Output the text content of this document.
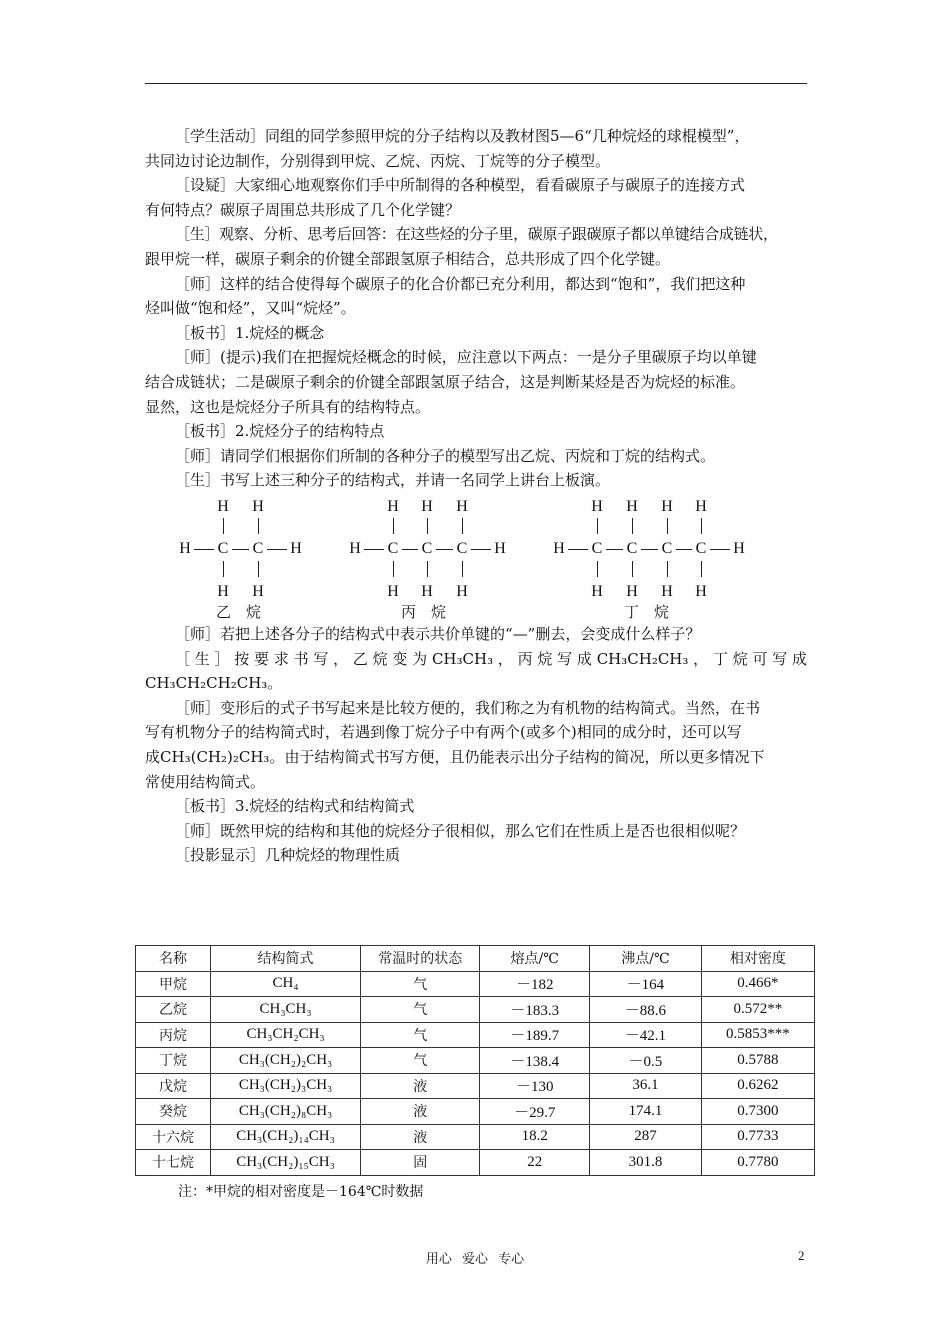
［学生活动］同组的同学参照甲烷的分子结构以及教材图5—6“几种烷烃的球棍模型”，

共同边讨论边制作，分别得到甲烷、乙烷、丙烷、丁烷等的分子模型。

［设疑］大家细心地观察你们手中所制得的各种模型，看看碳原子与碳原子的连接方式

有何特点？碳原子周围总共形成了几个化学键？

［生］观察、分析、思考后回答：在这些烃的分子里，碳原子跟碳原子都以单键结合成链状，

跟甲烷一样，碳原子剩余的价键全部跟氢原子相结合，总共形成了四个化学键。

［师］这样的结合使得每个碳原子的化合价都已充分利用，都达到“饱和”，我们把这种

烃叫做“饱和烃”，又叫“烷烃”。

［板书］1.烷烃的概念

［师］(提示)我们在把握烷烃概念的时候，应注意以下两点：一是分子里碳原子均以单键

结合成链状；二是碳原子剩余的价键全部跟氢原子结合，这是判断某烃是否为烷烃的标准。

显然，这也是烷烃分子所具有的结构特点。

［板书］2.烷烃分子的结构特点

［师］请同学们根据你们所制的各种分子的模型写出乙烷、丙烷和丁烷的结构式。

［生］书写上述三种分子的结构式，并请一名同学上讲台上板演。

H H
H C C H
H H
乙　烷
H H H
H C C C H
H H H
丙　烷
H H H H
H C C C C H
H H H H
丁　烷

［师］若把上述各分子的结构式中表示共价单键的“—”删去，会变成什么样子？

［生］按要求书写，乙烷变为CH₃CH₃，丙烷写成CH₃CH₂CH₃，丁烷可写成

CH₃CH₂CH₂CH₃。

［师］变形后的式子书写起来是比较方便的，我们称之为有机物的结构简式。当然，在书

写有机物分子的结构简式时，若遇到像丁烷分子中有两个(或多个)相同的成分时，还可以写

成CH₃(CH₂)₂CH₃。由于结构简式书写方便，且仍能表示出分子结构的简况，所以更多情况下

常使用结构简式。

［板书］3.烷烃的结构式和结构简式

［师］既然甲烷的结构和其他的烷烃分子很相似，那么它们在性质上是否也很相似呢？

［投影显示］几种烷烃的物理性质

名称	结构简式	常温时的状态	熔点/℃	沸点/℃	相对密度
甲烷	CH₄	气	－182	－164	0.466*
乙烷	CH₃CH₃	气	－183.3	－88.6	0.572**
丙烷	CH₃CH₂CH₃	气	－189.7	－42.1	0.5853***
丁烷	CH₃(CH₂)₂CH₃	气	－138.4	－0.5	0.5788
戊烷	CH₃(CH₂)₃CH₃	液	－130	36.1	0.6262
癸烷	CH₃(CH₂)₈CH₃	液	－29.7	174.1	0.7300
十六烷	CH₃(CH₂)₁₄CH₃	液	18.2	287	0.7733
十七烷	CH₃(CH₂)₁₅CH₃	固	22	301.8	0.7780
注：*甲烷的相对密度是－164℃时数据
用心 爱心 专心	2
